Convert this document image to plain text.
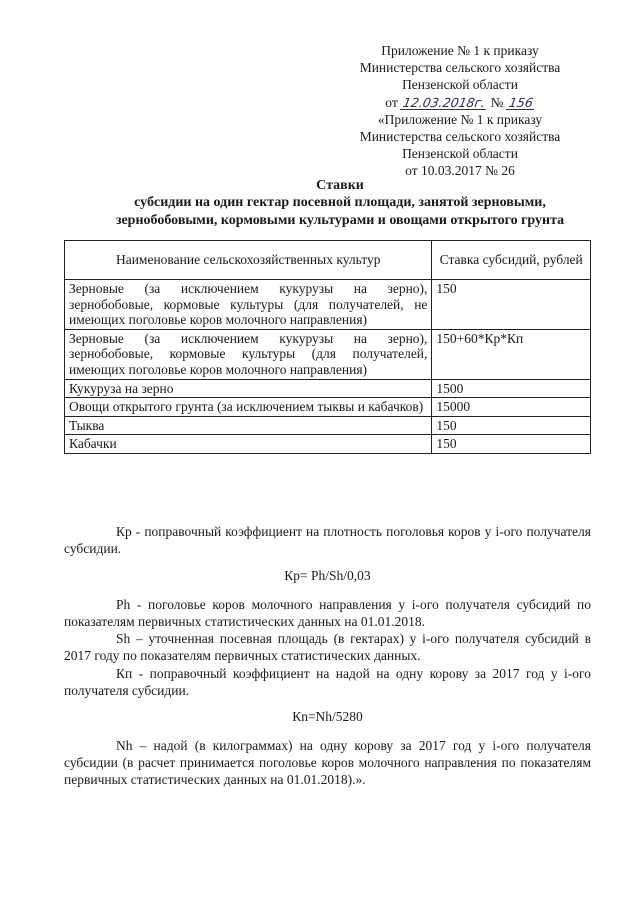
Приложение № 1 к приказу
Министерства сельского хозяйства
Пензенской области
от 12.03.2018г. № 156
«Приложение № 1 к приказу
Министерства сельского хозяйства
Пензенской области
от 10.03.2017 № 26
Ставки
субсидии на один гектар посевной площади, занятой зерновыми,
зернобобовыми, кормовыми культурами и овощами открытого грунта
Наименование сельскохозяйственных культур	Ставка субсидий, рублей
Зерновые (за исключением кукурузы на зерно), зернобобовые, кормовые культуры (для получателей, не имеющих поголовье коров молочного направления)	150
Зерновые (за исключением кукурузы на зерно), зернобобовые, кормовые культуры (для получателей, имеющих поголовье коров молочного направления)	150+60*Кр*Кп
Кукуруза на зерно	1500
Овощи открытого грунта (за исключением тыквы и кабачков)	15000
Тыква	150
Кабачки	150
Кр - поправочный коэффициент на плотность поголовья коров у i-ого получателя субсидии.
Кр= Ph/Sh/0,03
Ph - поголовье коров молочного направления у i-ого получателя субсидий по показателям первичных статистических данных на 01.01.2018.
Sh – уточненная посевная площадь (в гектарах) у i-ого получателя субсидий в 2017 году по показателям первичных статистических данных.
Кп - поправочный коэффициент на надой на одну корову за 2017 год у i-ого получателя субсидии.
Кn=Nh/5280
Nh – надой (в килограммах) на одну корову за 2017 год у i-ого получателя субсидии (в расчет принимается поголовье коров молочного направления по показателям первичных статистических данных на 01.01.2018).».
